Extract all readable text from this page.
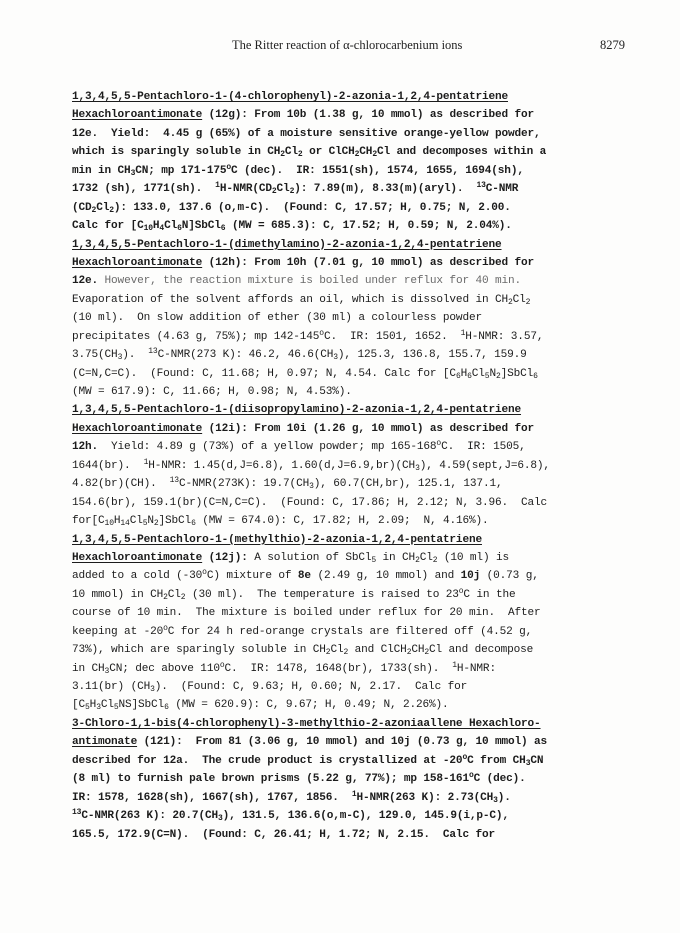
The Ritter reaction of α-chlorocarbenium ions	8279
1,3,4,5,5-Pentachloro-1-(4-chlorophenyl)-2-azonia-1,2,4-pentatriene
Hexachloroantimonate (12g): From 10b (1.38 g, 10 mmol) as described for
12e.  Yield:  4.45 g (65%) of a moisture sensitive orange-yellow powder,
which is sparingly soluble in $CH_2Cl_2$ or $ClCH_2CH_2Cl$ and decomposes within a
min in $CH_3CN$; mp 171-175$^o$C (dec).  IR: 1551(sh), 1574, 1655, 1694(sh),
1732 (sh), 1771(sh).  $^1H-NMR(CD_2Cl_2)$: 7.89(m), 8.33(m)(aryl).  $^{13}$C-NMR
$(CD_2Cl_2)$: 133.0, 137.6 (o,m-C).  (Found: C, 17.57; H, 0.75; N, 2.00.
Calc for $[C_{10}H_4Cl_6N]SbCl_6$ (MW = 685.3): C, 17.52; H, 0.59; N, 2.04%).
1,3,4,5,5-Pentachloro-1-(dimethylamino)-2-azonia-1,2,4-pentatriene
Hexachloroantimonate (12h): From 10h (7.01 g, 10 mmol) as described for
12e. However, the reaction mixture is boiled under reflux for 40 min.
Evaporation of the solvent affords an oil, which is dissolved in $CH_2Cl_2$
(10 ml).  On slow addition of ether (30 ml) a colourless powder
precipitates (4.63 g, 75%); mp 142-145$^o$C.  IR: 1501, 1652.  $^1$H-NMR: 3.57,
$3.75(CH_3)$.  $^{13}$C-NMR(273 K): 46.2, $46.6(CH_3)$, 125.3, 136.8, 155.7, 159.9
(C=N,C=C).  (Found: C, 11.68; H, 0.97; N, 4.54. Calc for $[C_6H_6Cl_5N_2]SbCl_6$
(MW = 617.9): C, 11.66; H, 0.98; N, 4.53%).
1,3,4,5,5-Pentachloro-1-(diisopropylamino)-2-azonia-1,2,4-pentatriene
Hexachloroantimonate (12i): From 10i (1.26 g, 10 mmol) as described for
12h.  Yield: 4.89 g (73%) of a yellow powder; mp 165-168$^o$C.  IR: 1505,
1644(br).  $^1$H-NMR: 1.45(d,J=6.8), $1.60(d,J=6.9,br)(CH_3)$, 4.59(sept,J=6.8),
4.82(br)(CH).  $^{13}$C-NMR(273K): $19.7(CH_3)$, 60.7(CH,br), 125.1, 137.1,
154.6(br), 159.1(br)(C=N,C=C).  (Found: C, 17.86; H, 2.12; N, 3.96.  Calc
$for[C_{10}H_{14}Cl_5N_2]SbCl_6$ (MW = 674.0): C, 17.82; H, 2.09;  N, 4.16%).
1,3,4,5,5-Pentachloro-1-(methylthio)-2-azonia-1,2,4-pentatriene
Hexachloroantimonate (12j): A solution of SbCl$_5$ in $CH_2Cl_2$ (10 ml) is
added to a cold (-30$^o$C) mixture of 8e (2.49 g, 10 mmol) and 10j (0.73 g,
10 mmol) in $CH_2Cl_2$ (30 ml).  The temperature is raised to 23$^o$C in the
course of 10 min.  The mixture is boiled under reflux for 20 min.  After
keeping at -20$^o$C for 24 h red-orange crystals are filtered off (4.52 g,
73%), which are sparingly soluble in $CH_2Cl_2$ and $ClCH_2CH_2Cl$ and decompose
in $CH_3CN$; dec above 110$^o$C.  IR: 1478, 1648(br), 1733(sh).  $^1$H-NMR:
3.11(br) $(CH_3)$.  (Found: C, 9.63; H, 0.60; N, 2.17.  Calc for
$[C_5H_3Cl_5NS]SbCl_6$ (MW = 620.9): C, 9.67; H, 0.49; N, 2.26%).
3-Chloro-1,1-bis(4-chlorophenyl)-3-methylthio-2-azoniaallene Hexachloro-
antimonate (121):  From 81 (3.06 g, 10 mmol) and 10j (0.73 g, 10 mmol) as
described for 12a.  The crude product is crystallized at -20$^o$C from $CH_3CN$
(8 ml) to furnish pale brown prisms (5.22 g, 77%); mp 158-161$^o$C (dec).
IR: 1578, 1628(sh), 1667(sh), 1767, 1856.  $^1$H-NMR(263 K): $2.73(CH_3)$.
$^{13}$C-NMR(263 K): $20.7(CH_3)$, 131.5, 136.6(o,m-C), 129.0, 145.9(i,p-C),
165.5, 172.9(C=N).  (Found: C, 26.41; H, 1.72; N, 2.15.  Calc for
